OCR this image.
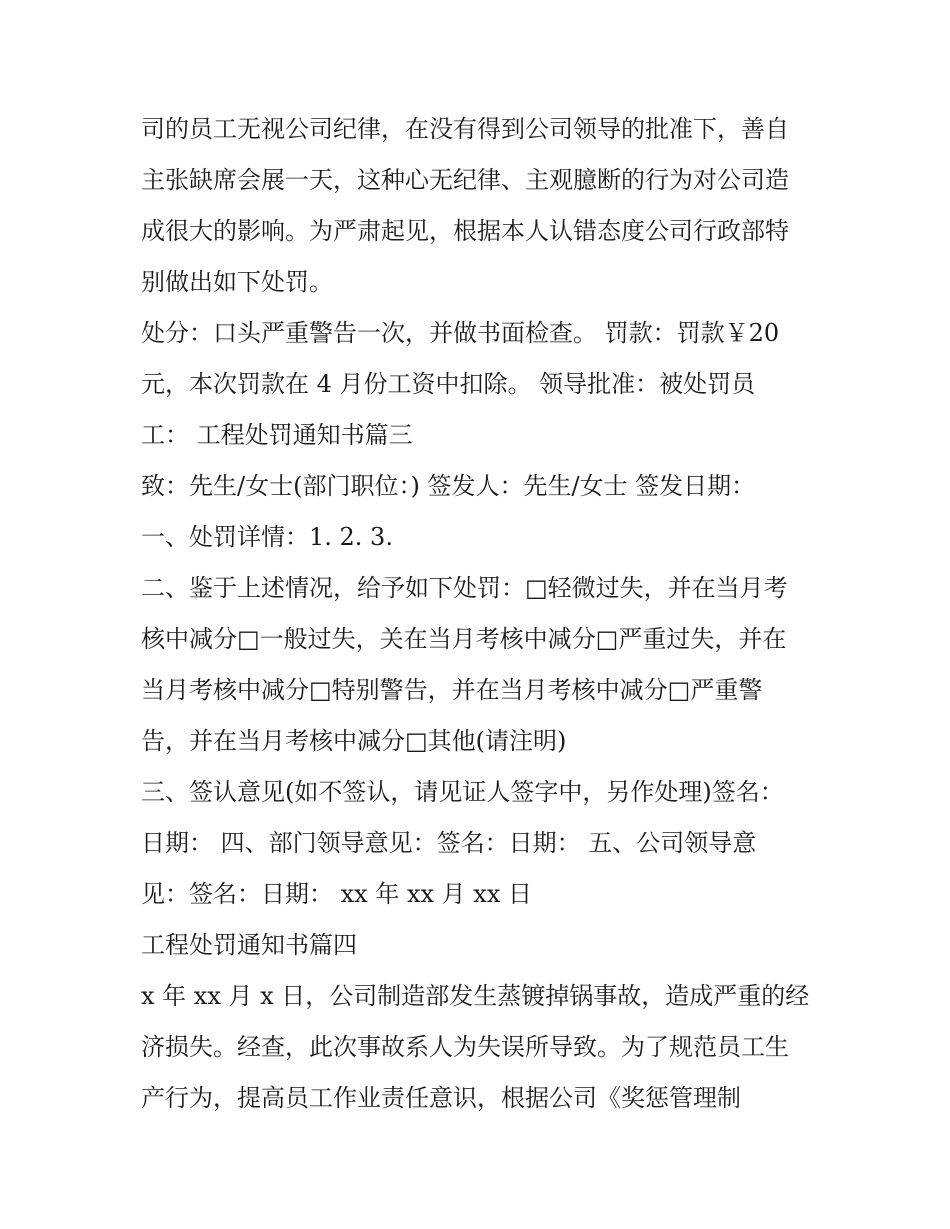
司的员工无视公司纪律，在没有得到公司领导的批准下，善自
主张缺席会展一天，这种心无纪律、主观臆断的行为对公司造
成很大的影响。为严肃起见，根据本人认错态度公司行政部特
别做出如下处罚。
处分：口头严重警告一次，并做书面检查。 罚款：罚款￥20
元，本次罚款在 4 月份工资中扣除。 领导批准：被处罚员
工： 工程处罚通知书篇三
致：先生/女士(部门职位：) 签发人：先生/女士 签发日期：
一、处罚详情：1. 2. 3.
二、鉴于上述情况，给予如下处罚：□轻微过失，并在当月考
核中减分□一般过失，关在当月考核中减分□严重过失，并在
当月考核中减分□特别警告，并在当月考核中减分□严重警
告，并在当月考核中减分□其他(请注明)
三、签认意见(如不签认，请见证人签字中，另作处理)签名：
日期： 四、部门领导意见：签名：日期： 五、公司领导意
见：签名：日期： xx 年 xx 月 xx 日
工程处罚通知书篇四
x 年 xx 月 x 日，公司制造部发生蒸镀掉锅事故，造成严重的经
济损失。经查，此次事故系人为失误所导致。为了规范员工生
产行为，提高员工作业责任意识，根据公司《奖惩管理制
